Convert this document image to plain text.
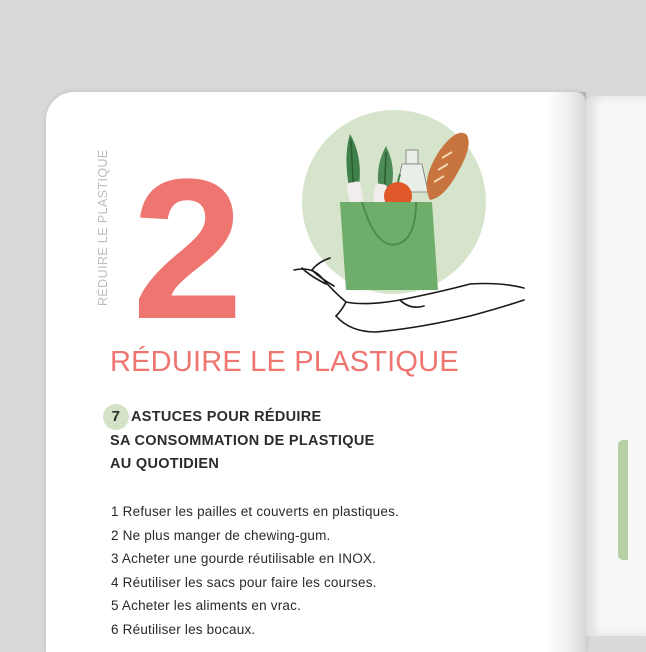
RÉDUIRE LE PLASTIQUE 2
RÉDUIRE LE PLASTIQUE
7 ASTUCES POUR RÉDUIRE
SA CONSOMMATION DE PLASTIQUE
AU QUOTIDIEN
1 Refuser les pailles et couverts en plastiques.
2 Ne plus manger de chewing-gum.
3 Acheter une gourde réutilisable en INOX.
4 Réutiliser les sacs pour faire les courses.
5 Acheter les aliments en vrac.
6 Réutiliser les bocaux.
